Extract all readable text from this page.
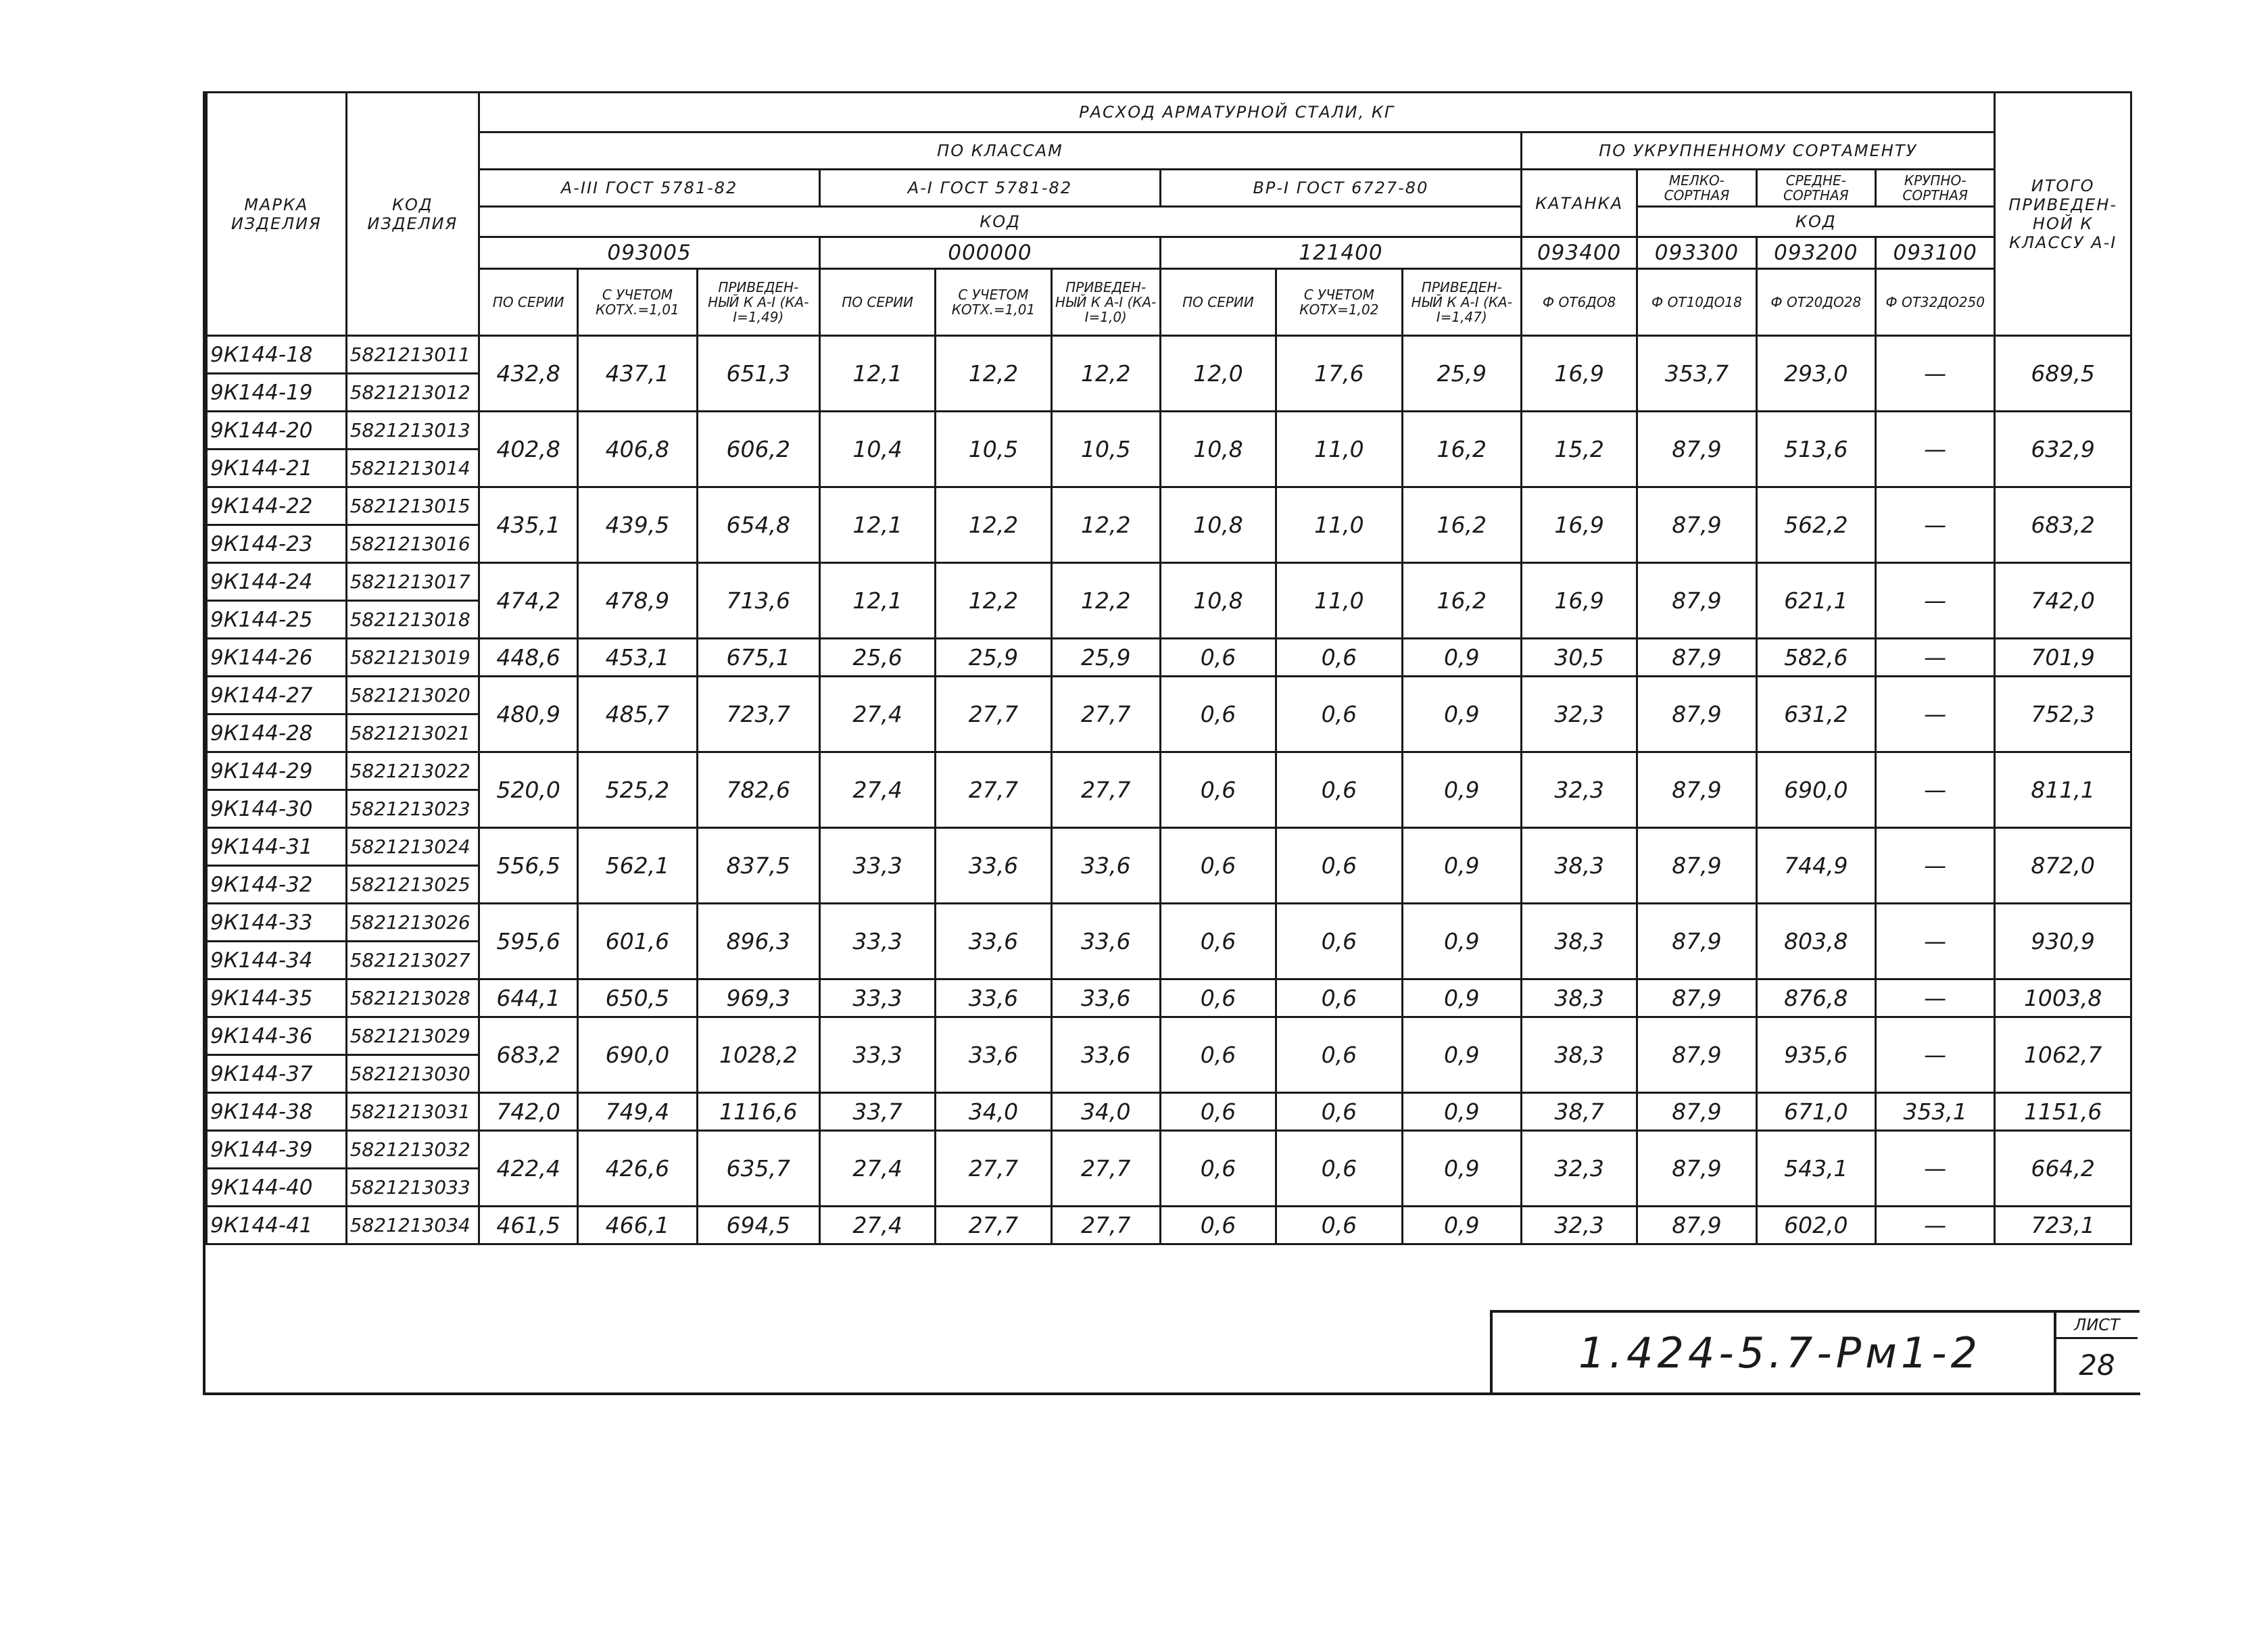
МАРКА ИЗДЕЛИЯ	КОД ИЗДЕЛИЯ	РАСХОД АРМАТУРНОЙ СТАЛИ, КГ													ИТОГО ПРИВЕДЕН- НОЙ К КЛАССУ А-I
		ПО КЛАССАМ									ПО УКРУПНЕННОМУ СОРТАМЕНТУ				
		А-III ГОСТ 5781-82			А-I ГОСТ 5781-82			ВР-I ГОСТ 6727-80			КАТАНКА	МЕЛКО-СОРТНАЯ	СРЕДНЕ-СОРТНАЯ	КРУПНО-СОРТНАЯ	
		КОД										КОД			
		093005			000000			121400			093400	093300	093200	093100	
		ПО СЕРИИ	С УЧЕТОМ КОТХ.=1,01	ПРИВЕДЕН- НЫЙ К А-I (КА-I=1,49)	ПО СЕРИИ	С УЧЕТОМ КОТХ.=1,01	ПРИВЕДЕН- НЫЙ К А-I (КА-I=1,0)	ПО СЕРИИ	С УЧЕТОМ КОТХ=1,02	ПРИВЕДЕН- НЫЙ К А-I (КА-I=1,47)	Ф ОТ6ДО8	Ф ОТ10ДО18	Ф ОТ20ДО28	Ф ОТ32ДО250	
9К144-18	5821213011	432,8	437,1	651,3	12,1	12,2	12,2	12,0	17,6	25,9	16,9	353,7	293,0	—	689,5
9К144-19	5821213012														
9К144-20	5821213013	402,8	406,8	606,2	10,4	10,5	10,5	10,8	11,0	16,2	15,2	87,9	513,6	—	632,9
9К144-21	5821213014														
9К144-22	5821213015	435,1	439,5	654,8	12,1	12,2	12,2	10,8	11,0	16,2	16,9	87,9	562,2	—	683,2
9К144-23	5821213016														
9К144-24	5821213017	474,2	478,9	713,6	12,1	12,2	12,2	10,8	11,0	16,2	16,9	87,9	621,1	—	742,0
9К144-25	5821213018														
9К144-26	5821213019	448,6	453,1	675,1	25,6	25,9	25,9	0,6	0,6	0,9	30,5	87,9	582,6	—	701,9
9К144-27	5821213020	480,9	485,7	723,7	27,4	27,7	27,7	0,6	0,6	0,9	32,3	87,9	631,2	—	752,3
9К144-28	5821213021														
9К144-29	5821213022	520,0	525,2	782,6	27,4	27,7	27,7	0,6	0,6	0,9	32,3	87,9	690,0	—	811,1
9К144-30	5821213023														
9К144-31	5821213024	556,5	562,1	837,5	33,3	33,6	33,6	0,6	0,6	0,9	38,3	87,9	744,9	—	872,0
9К144-32	5821213025														
9К144-33	5821213026	595,6	601,6	896,3	33,3	33,6	33,6	0,6	0,6	0,9	38,3	87,9	803,8	—	930,9
9К144-34	5821213027														
9К144-35	5821213028	644,1	650,5	969,3	33,3	33,6	33,6	0,6	0,6	0,9	38,3	87,9	876,8	—	1003,8
9К144-36	5821213029	683,2	690,0	1028,2	33,3	33,6	33,6	0,6	0,6	0,9	38,3	87,9	935,6	—	1062,7
9К144-37	5821213030														
9К144-38	5821213031	742,0	749,4	1116,6	33,7	34,0	34,0	0,6	0,6	0,9	38,7	87,9	671,0	353,1	1151,6
9К144-39	5821213032	422,4	426,6	635,7	27,4	27,7	27,7	0,6	0,6	0,9	32,3	87,9	543,1	—	664,2
9К144-40	5821213033														
9К144-41	5821213034	461,5	466,1	694,5	27,4	27,7	27,7	0,6	0,6	0,9	32,3	87,9	602,0	—	723,1
1.424-5.7-Рм1-2
ЛИСТ
28
